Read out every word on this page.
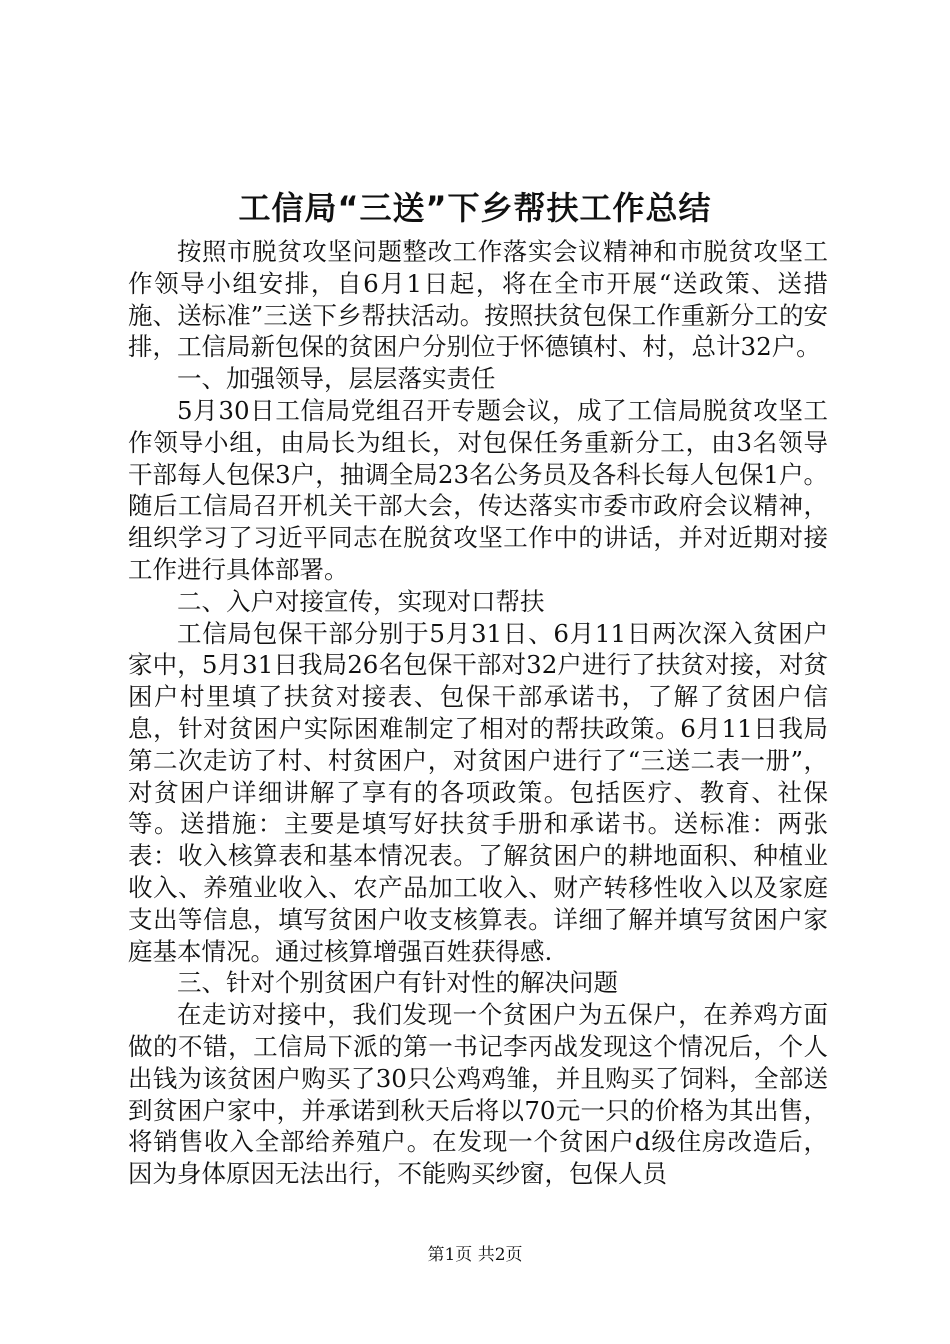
工信局“三送”下乡帮扶工作总结

按照市脱贫攻坚问题整改工作落实会议精神和市脱贫攻坚工作领导小组安排，自6月1日起，将在全市开展“送政策、送措施、送标准”三送下乡帮扶活动。按照扶贫包保工作重新分工的安排，工信局新包保的贫困户分别位于怀德镇村、村，总计32户。

一、加强领导，层层落实责任

5月30日工信局党组召开专题会议，成了工信局脱贫攻坚工作领导小组，由局长为组长，对包保任务重新分工，由3名领导干部每人包保3户，抽调全局23名公务员及各科长每人包保1户。随后工信局召开机关干部大会，传达落实市委市政府会议精神，组织学习了习近平同志在脱贫攻坚工作中的讲话，并对近期对接工作进行具体部署。

二、入户对接宣传，实现对口帮扶

工信局包保干部分别于5月31日、6月11日两次深入贫困户家中，5月31日我局26名包保干部对32户进行了扶贫对接，对贫困户村里填了扶贫对接表、包保干部承诺书，了解了贫困户信息，针对贫困户实际困难制定了相对的帮扶政策。6月11日我局第二次走访了村、村贫困户，对贫困户进行了“三送二表一册”，对贫困户详细讲解了享有的各项政策。包括医疗、教育、社保等。送措施：主要是填写好扶贫手册和承诺书。送标准：两张表：收入核算表和基本情况表。了解贫困户的耕地面积、种植业收入、养殖业收入、农产品加工收入、财产转移性收入以及家庭支出等信息，填写贫困户收支核算表。详细了解并填写贫困户家庭基本情况。通过核算增强百姓获得感.

三、针对个别贫困户有针对性的解决问题

在走访对接中，我们发现一个贫困户为五保户，在养鸡方面做的不错，工信局下派的第一书记李丙战发现这个情况后，个人出钱为该贫困户购买了30只公鸡鸡雏，并且购买了饲料，全部送到贫困户家中，并承诺到秋天后将以70元一只的价格为其出售，将销售收入全部给养殖户。在发现一个贫困户d级住房改造后，因为身体原因无法出行，不能购买纱窗，包保人员

第1页 共2页
